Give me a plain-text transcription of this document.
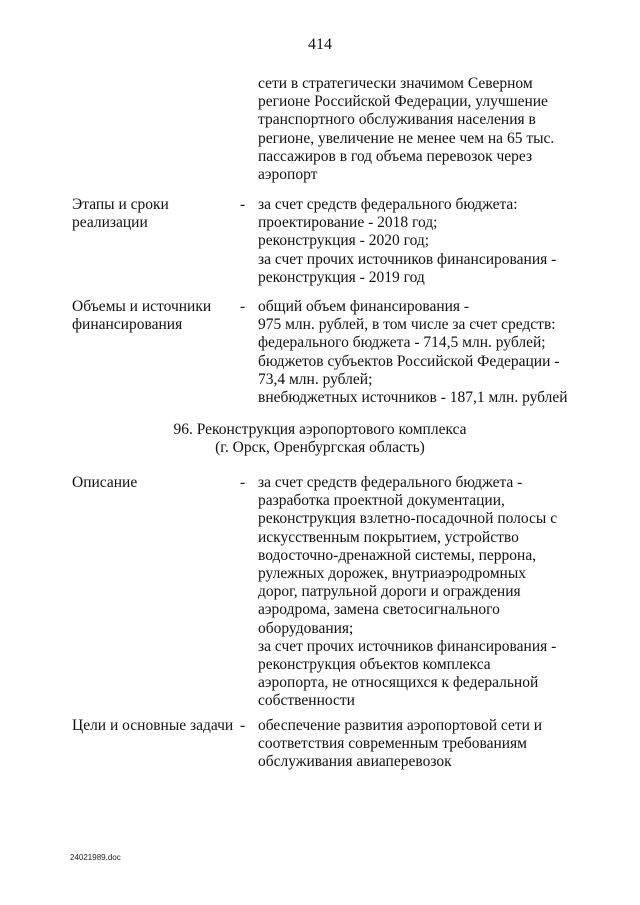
414
сети в стратегически значимом Северном
регионе Российской Федерации, улучшение
транспортного обслуживания населения в
регионе, увеличение не менее чем на 65 тыс.
пассажиров в год объема перевозок через
аэропорт
Этапы и сроки
реализации
- за счет средств федерального бюджета:
проектирование - 2018 год;
реконструкция - 2020 год;
за счет прочих источников финансирования -
реконструкция - 2019 год
Объемы и источники
финансирования
- общий объем финансирования -
975 млн. рублей, в том числе за счет средств:
федерального бюджета - 714,5 млн. рублей;
бюджетов субъектов Российской Федерации -
73,4 млн. рублей;
внебюджетных источников - 187,1 млн. рублей
96. Реконструкция аэропортового комплекса
(г. Орск, Оренбургская область)
Описание	- за счет средств федерального бюджета -
разработка проектной документации,
реконструкция взлетно-посадочной полосы с
искусственным покрытием, устройство
водосточно-дренажной системы, перрона,
рулежных дорожек, внутриаэродромных
дорог, патрульной дороги и ограждения
аэродрома, замена светосигнального
оборудования;
за счет прочих источников финансирования -
реконструкция объектов комплекса
аэропорта, не относящихся к федеральной
собственности
Цели и основные задачи - обеспечение развития аэропортовой сети и
соответствия современным требованиям
обслуживания авиаперевозок
24021989.doc
